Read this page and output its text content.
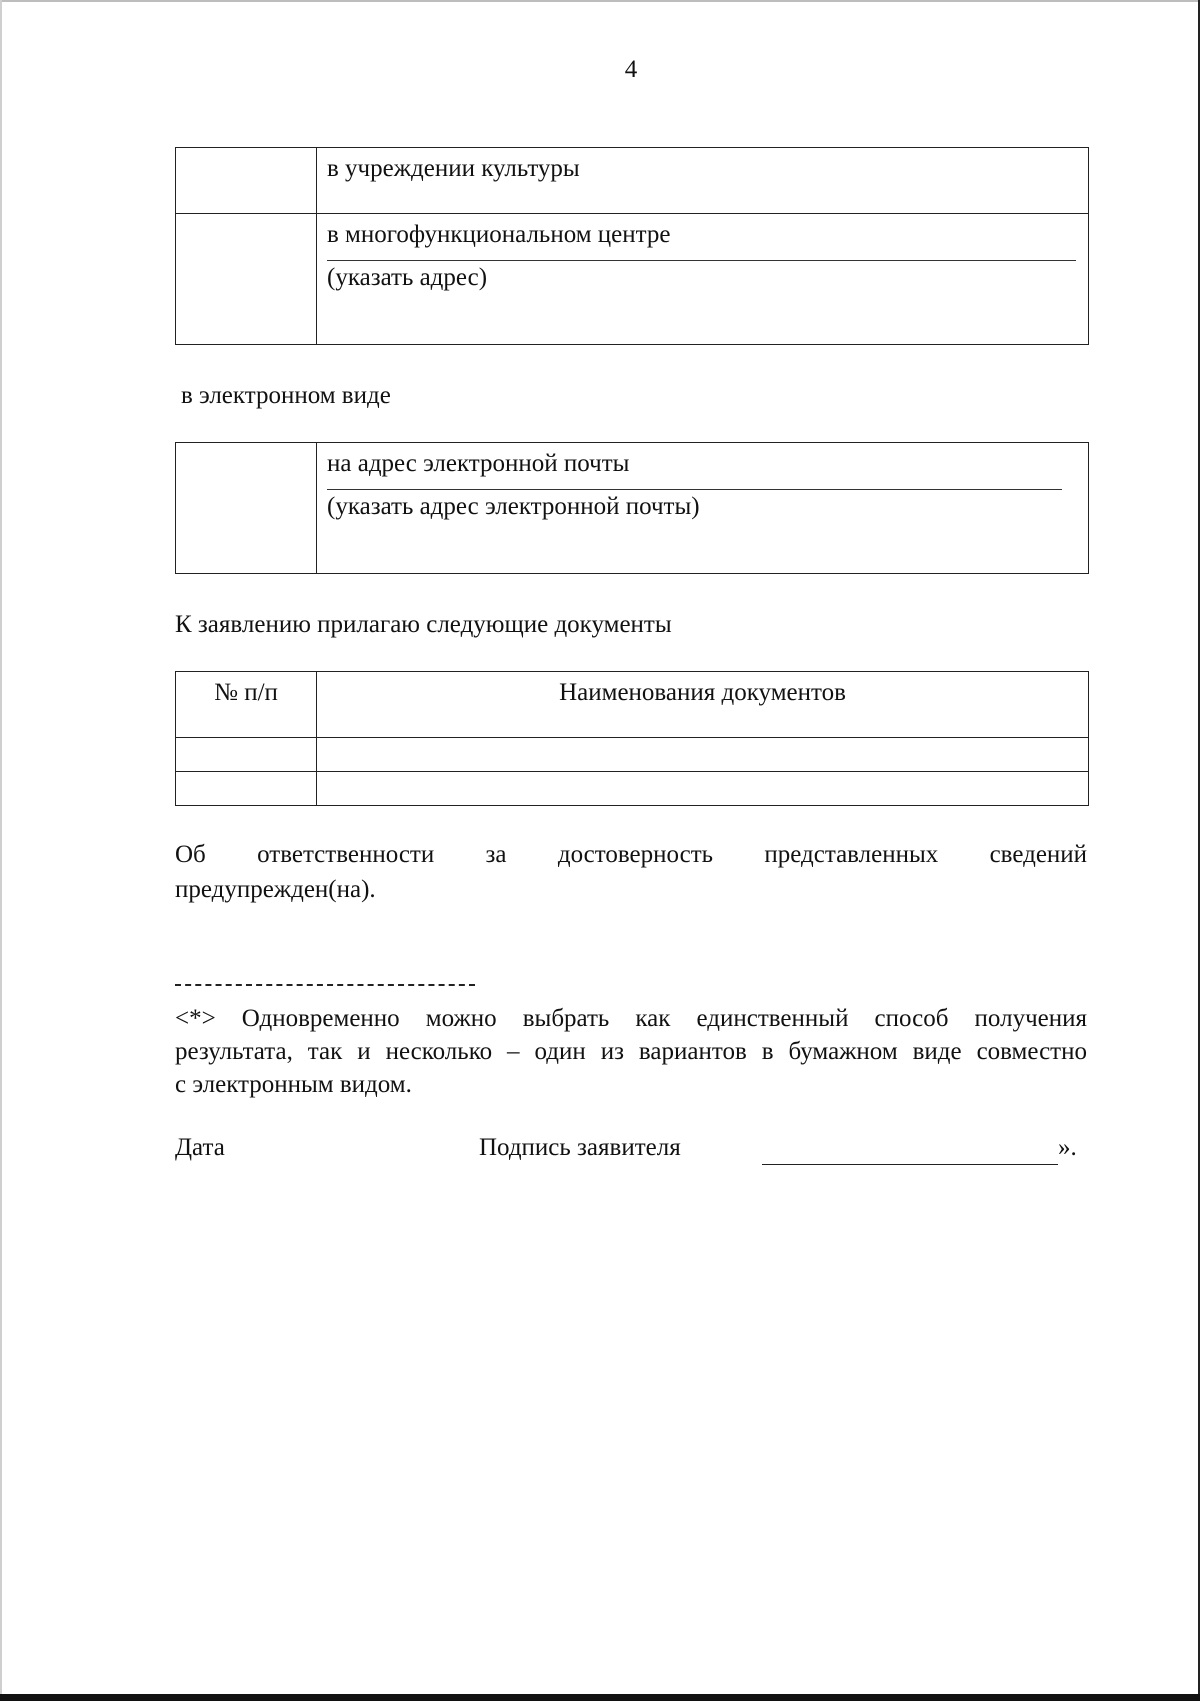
4

	в учреждении культуры

	в многофункциональном центре
(указать адрес)
в электронном виде

на адрес электронной почты
(указать адрес электронной почты)
К заявлению прилагаю следующие документы
№ п/п	Наименования документов

Об ответственности за достоверность представленных сведений
предупрежден(на).
<*> Одновременно можно выбрать как единственный способ получения
результата, так и несколько – один из вариантов в бумажном виде совместно
с электронным видом.
Дата	Подпись заявителя	».
